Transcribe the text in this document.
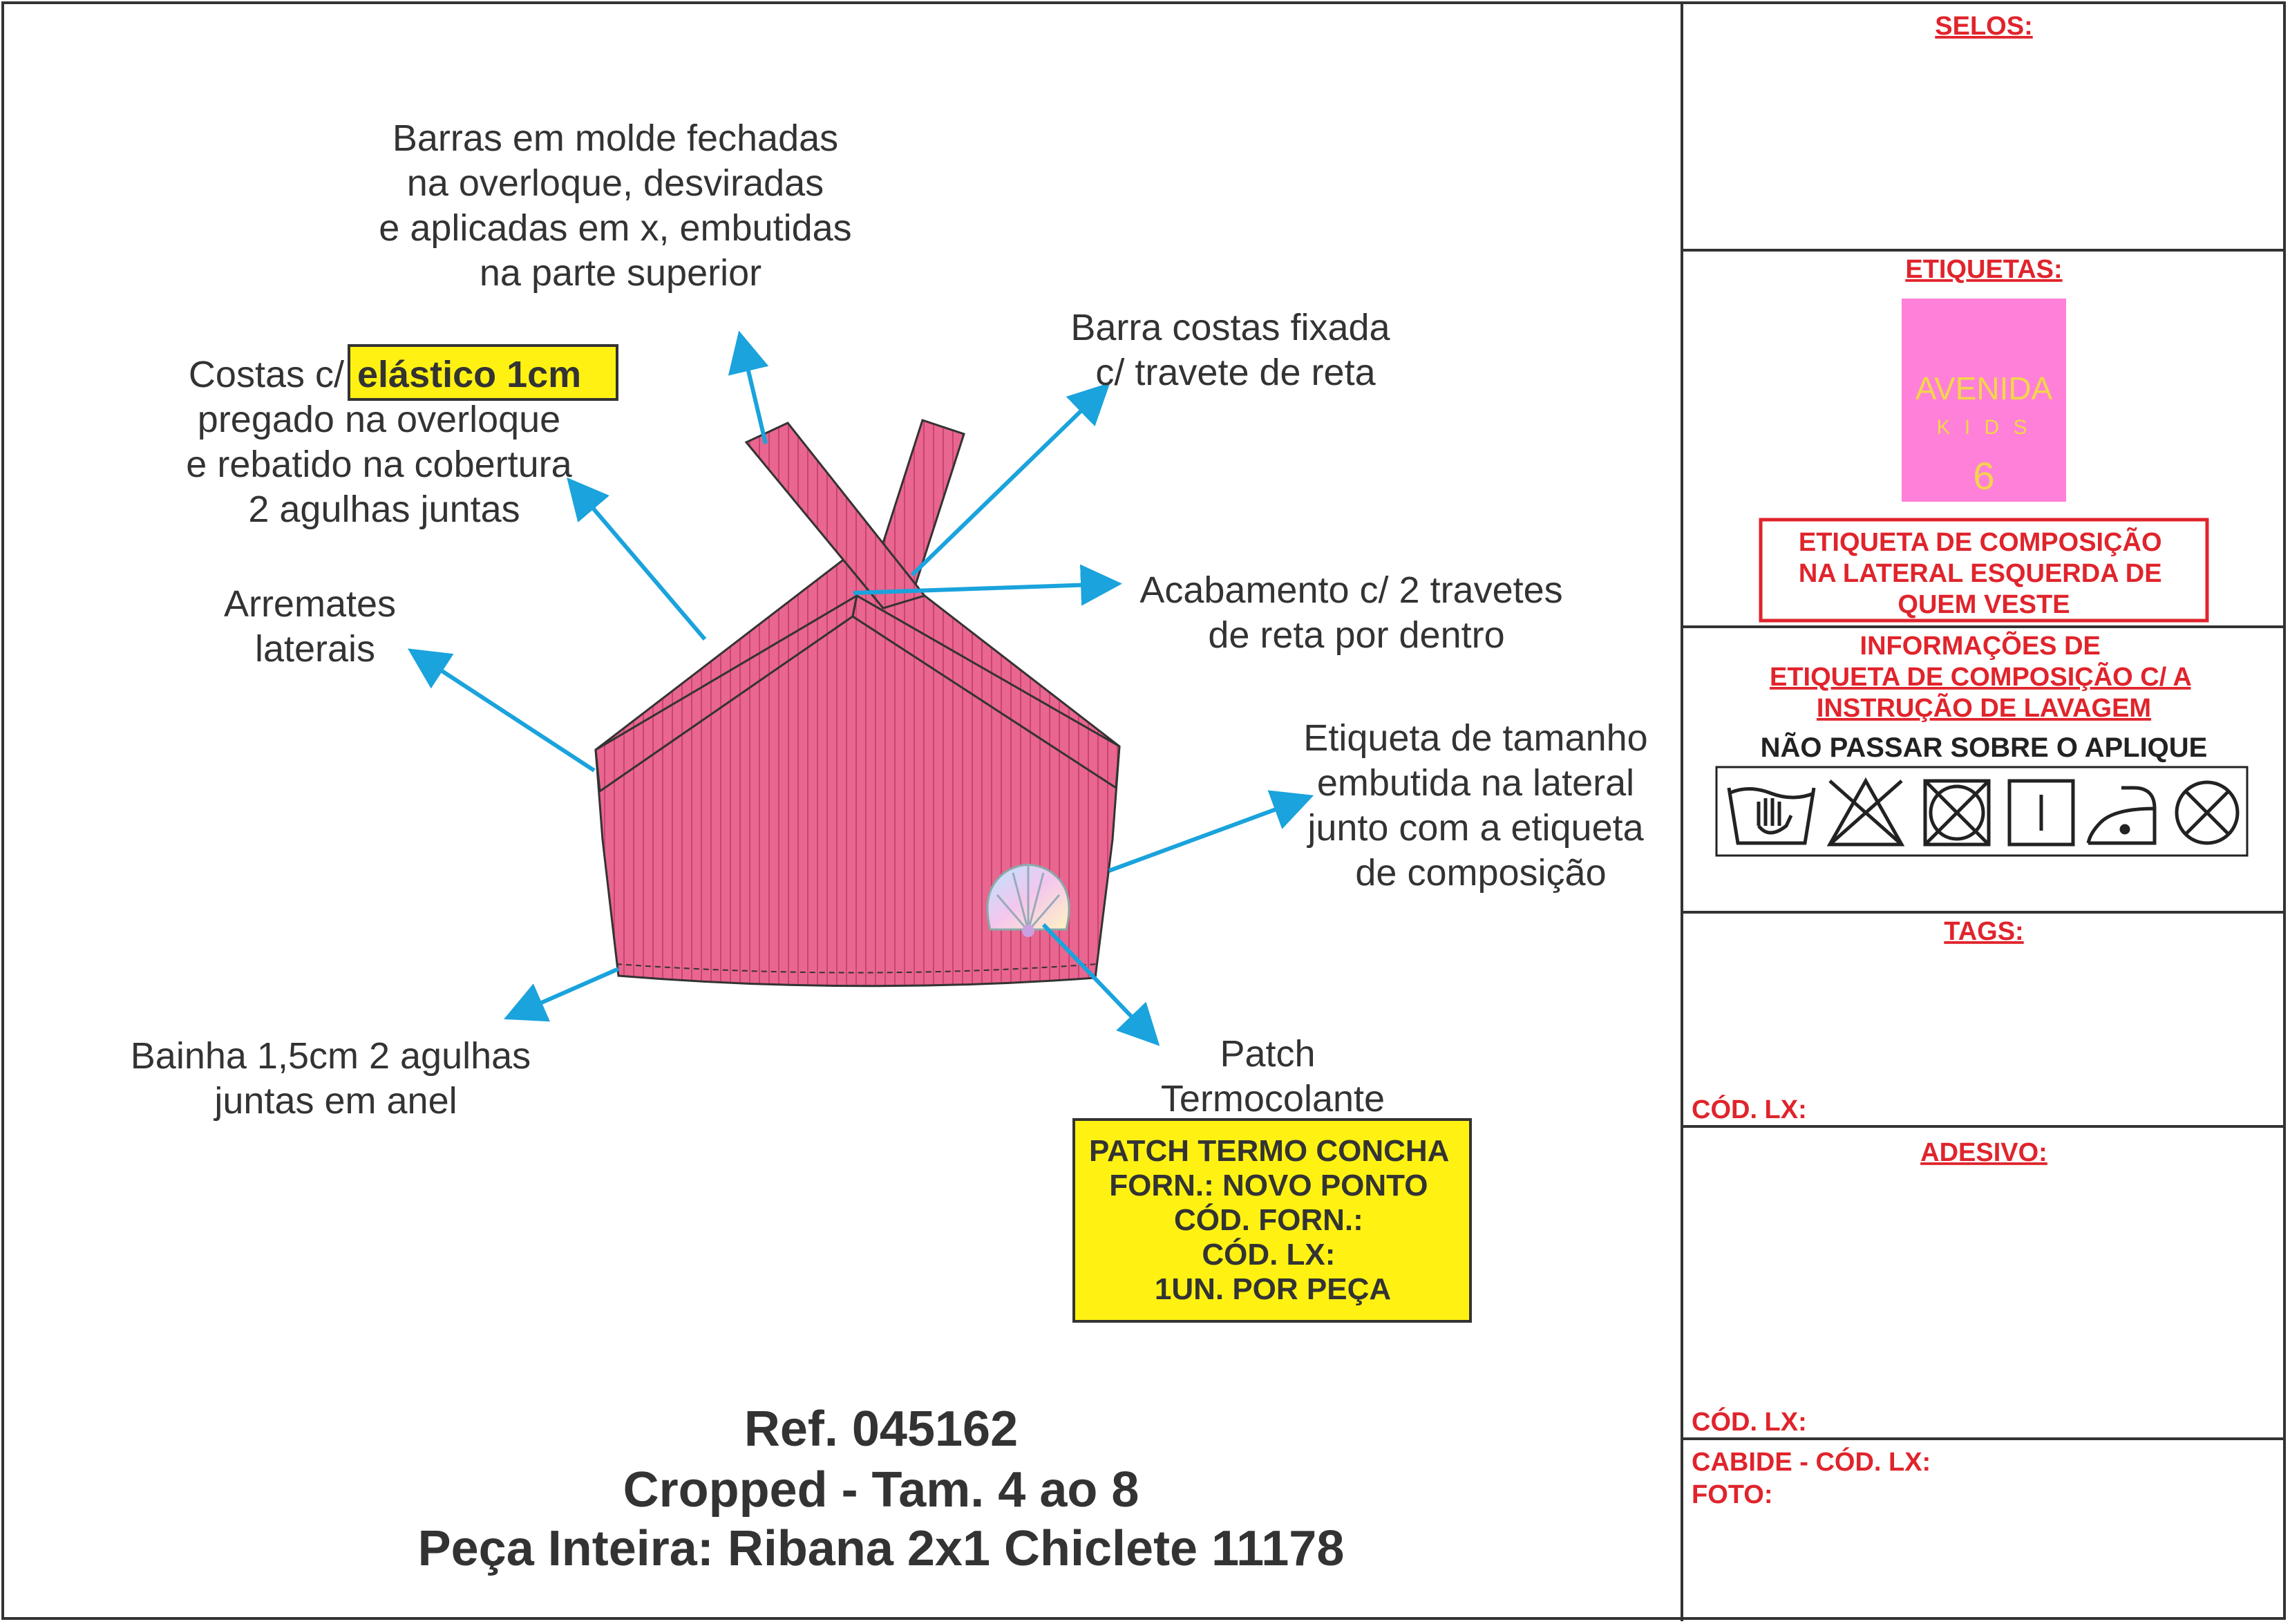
Barras em molde fechadas na overloque, desviradas e aplicadas em x, embutidas na parte superior
Barra costas fixada c/ travete de reta
Costas c/ elástico 1cm
pregado na overloque e rebatido na cobertura 2 agulhas juntas
Arremates laterais
Acabamento c/ 2 travetes de reta por dentro
Etiqueta de tamanho embutida na lateral junto com a etiqueta de composição
Bainha 1,5cm 2 agulhas juntas em anel
Patch Termocolante
PATCH TERMO CONCHA FORN.: NOVO PONTO CÓD. FORN.: CÓD. LX: 1UN. POR PEÇA
Ref. 045162
Cropped - Tam. 4 ao 8
Peça Inteira: Ribana 2x1 Chiclete 11178
SELOS:
ETIQUETAS:
AVENIDA
K I D S
6
ETIQUETA DE COMPOSIÇÃO NA LATERAL ESQUERDA DE QUEM VESTE
INFORMAÇÕES DE ETIQUETA DE COMPOSIÇÃO C/ A INSTRUÇÃO DE LAVAGEM
NÃO PASSAR SOBRE O APLIQUE
TAGS:
CÓD. LX:
ADESIVO:
CÓD. LX:
CABIDE - CÓD. LX:
FOTO:
